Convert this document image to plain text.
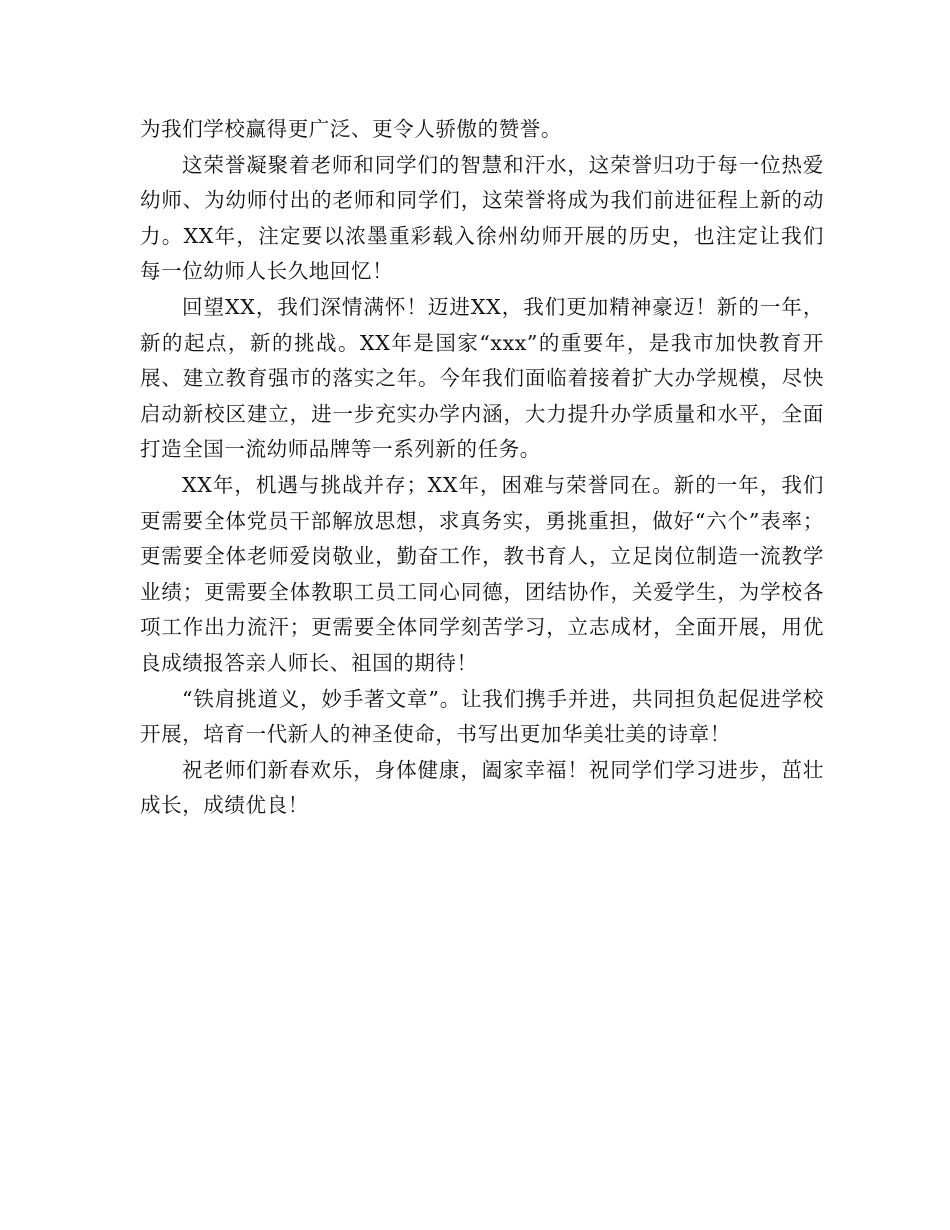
为我们学校赢得更广泛、更令人骄傲的赞誉。

这荣誉凝聚着老师和同学们的智慧和汗水，这荣誉归功于每一位热爱幼师、为幼师付出的老师和同学们，这荣誉将成为我们前进征程上新的动力。XX年，注定要以浓墨重彩载入徐州幼师开展的历史，也注定让我们每一位幼师人长久地回忆！

回望XX，我们深情满怀！迈进XX，我们更加精神豪迈！新的一年，新的起点，新的挑战。XX年是国家“xxx”的重要年，是我市加快教育开展、建立教育强市的落实之年。今年我们面临着接着扩大办学规模，尽快启动新校区建立，进一步充实办学内涵，大力提升办学质量和水平，全面打造全国一流幼师品牌等一系列新的任务。

XX年，机遇与挑战并存；XX年，困难与荣誉同在。新的一年，我们更需要全体党员干部解放思想，求真务实，勇挑重担，做好“六个”表率；更需要全体老师爱岗敬业，勤奋工作，教书育人，立足岗位制造一流教学业绩；更需要全体教职工员工同心同德，团结协作，关爱学生，为学校各项工作出力流汗；更需要全体同学刻苦学习，立志成材，全面开展，用优良成绩报答亲人师长、祖国的期待！

“铁肩挑道义，妙手著文章”。让我们携手并进，共同担负起促进学校开展，培育一代新人的神圣使命，书写出更加华美壮美的诗章！

祝老师们新春欢乐，身体健康，阖家幸福！祝同学们学习进步，茁壮成长，成绩优良！
